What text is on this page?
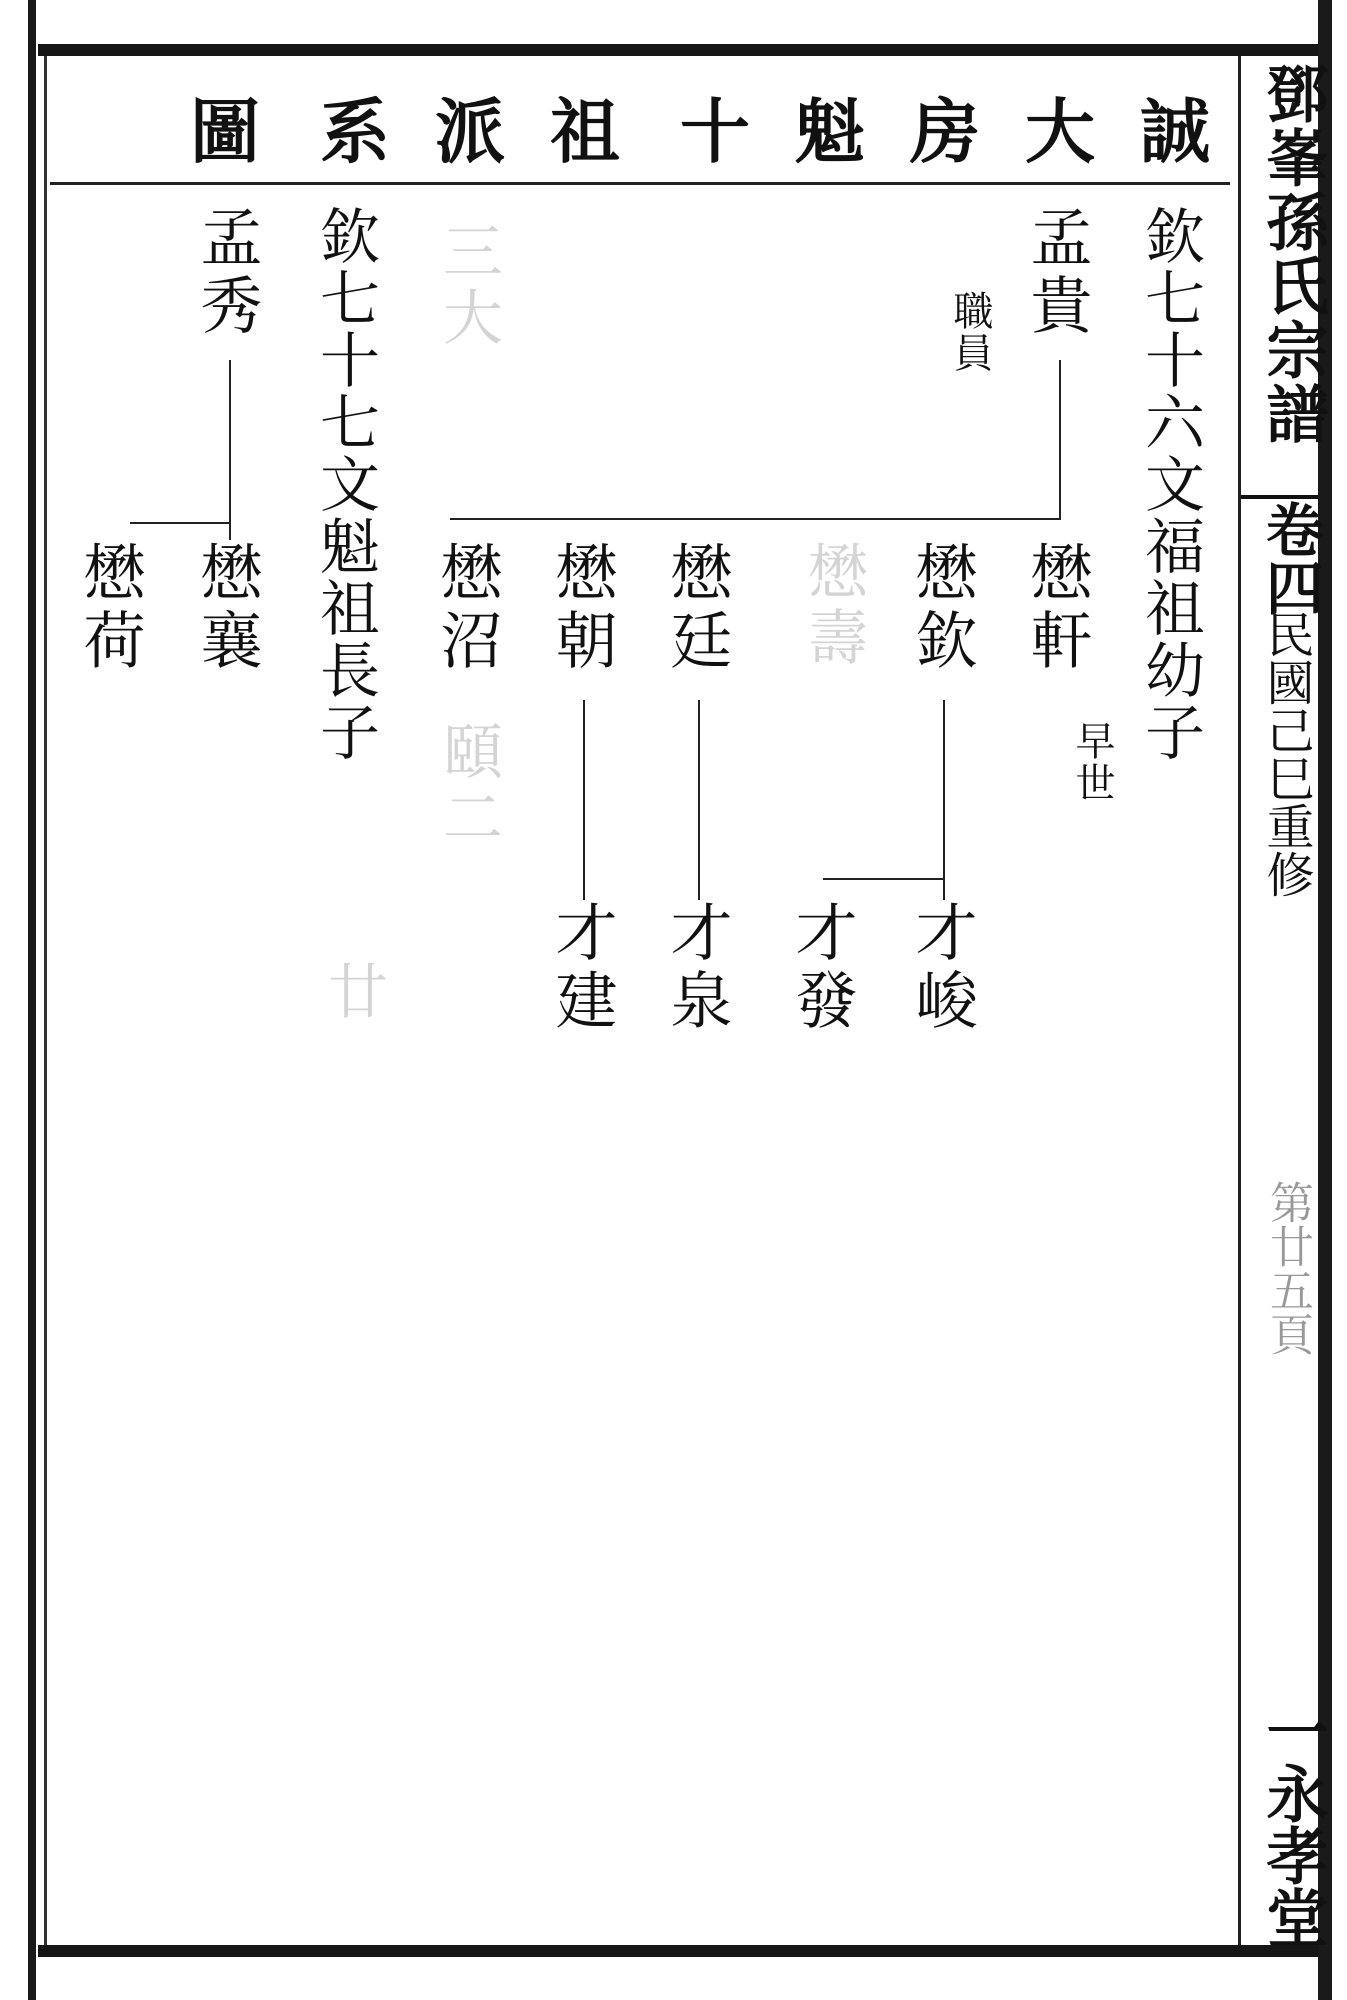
鄧峯孫氏宗譜
卷四
民國己巳重修
第廿五頁
一永孝堂
誠
大
房
魁
十
祖
派
系
圖
懋壽
頤二
廿
三大	欽七十六文福祖幼子
欽七十七文魁祖長子	孟貴
職員
孟秀
懋軒
早世
懋欽
懋廷
懋朝
懋沼
懋襄
懋荷
才峻
才發
才泉
才建
